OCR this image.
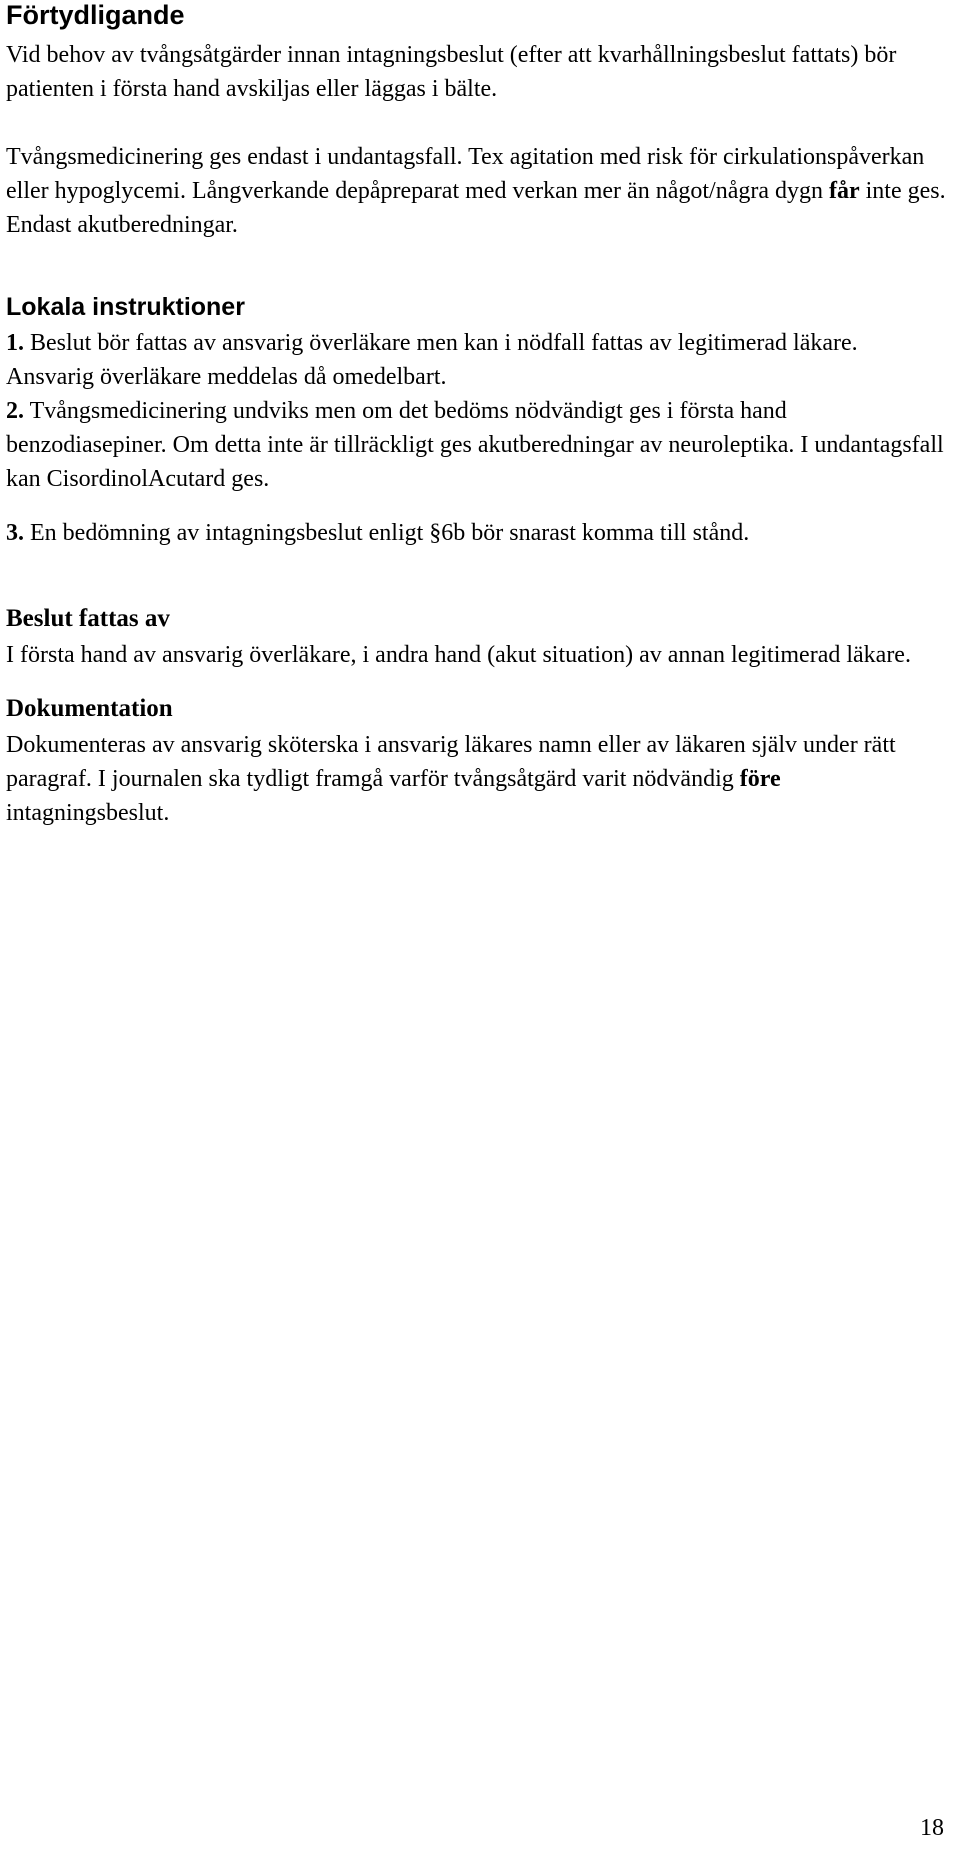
Förtydligande

Vid behov av tvångsåtgärder innan intagningsbeslut (efter att kvarhållningsbeslut fattats) bör patienten i första hand avskiljas eller läggas i bälte.

Tvångsmedicinering ges endast i undantagsfall. Tex agitation med risk för cirkulationspåverkan eller hypoglycemi. Långverkande depåpreparat med verkan mer än något/några dygn får inte ges. Endast akutberedningar.

Lokala instruktioner

1. Beslut bör fattas av ansvarig överläkare men kan i nödfall fattas av legitimerad läkare. Ansvarig överläkare meddelas då omedelbart.

2. Tvångsmedicinering undviks men om det bedöms nödvändigt ges i första hand benzodiasepiner. Om detta inte är tillräckligt ges akutberedningar av neuroleptika. I undantagsfall kan CisordinolAcutard ges.

3. En bedömning av intagningsbeslut enligt §6b bör snarast komma till stånd.

Beslut fattas av

I första hand av ansvarig överläkare, i andra hand (akut situation) av annan legitimerad läkare.

Dokumentation

Dokumenteras av ansvarig sköterska i ansvarig läkares namn eller av läkaren själv under rätt paragraf. I journalen ska tydligt framgå varför tvångsåtgärd varit nödvändig före intagningsbeslut.

18
